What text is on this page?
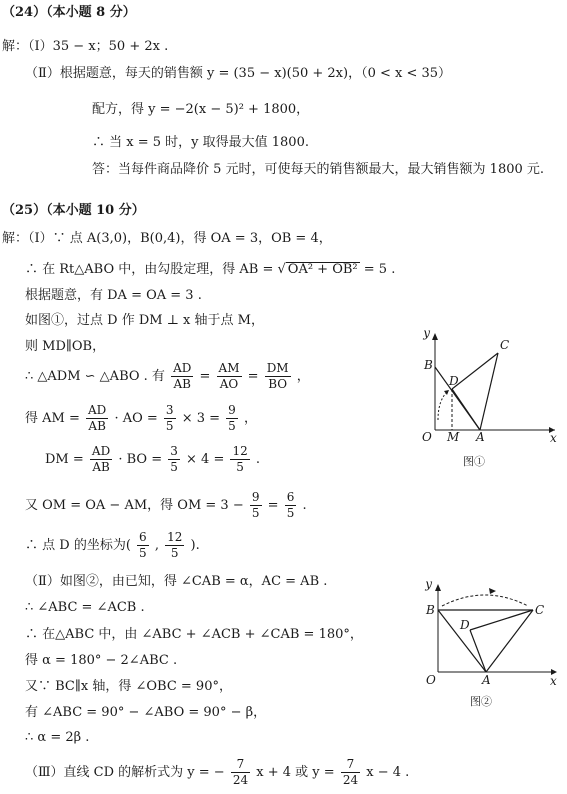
（24）（本小题 8 分）
解：（Ⅰ）35 − x；50 + 2x .
（Ⅱ）根据题意，每天的销售额 y = (35 − x)(50 + 2x)，（0 < x < 35）
配方，得 y = −2(x − 5)² + 1800，
∴ 当 x = 5 时，y 取得最大值 1800.
答：当每件商品降价 5 元时，可使每天的销售额最大，最大销售额为 1800 元.
（25）（本小题 10 分）
解：（Ⅰ）∵ 点 A(3,0)，B(0,4)，得 OA = 3，OB = 4，
∴ 在 Rt△ABO 中，由勾股定理，得 AB = √ OA² + OB² = 5 .
根据题意，有 DA = OA = 3 .
如图①，过点 D 作 DM ⊥ x 轴于点 M，
则 MD∥OB，
∴ △ADM ∽ △ABO . 有 $\frac{AD}{AB} = \frac{AM}{AO} = \frac{DM}{BO}$ ，
得 AM = $\frac{AD}{AB}$ · AO = $\frac{3}{5} \times 3 = \frac{9}{5}$ ，
DM = $\frac{AD}{AB}$ · BO = $\frac{3}{5} \times 4 = \frac{12}{5}$ .
又 OM = OA − AM，得 OM = $3 - \frac{9}{5} = \frac{6}{5}$ .
∴ 点 D 的坐标为( $\frac{6}{5}$ , $\frac{12}{5}$ ).
（Ⅱ）如图②，由已知，得 ∠CAB = α，AC = AB .
∴ ∠ABC = ∠ACB .
∴ 在△ABC 中，由 ∠ABC + ∠ACB + ∠CAB = 180°，
得 α = 180° − 2∠ABC .
又∵ BC∥x 轴，得 ∠OBC = 90°，
有 ∠ABC = 90° − ∠ABO = 90° − β，
∴ α = 2β .
（Ⅲ）直线 CD 的解析式为 y = − $\frac{7}{24}$ x + 4 或 $y = \frac{7}{24}$ x − 4 .
y
B
C
D
O M A	x
图①
y
B	C
D
O	A	x
图②
